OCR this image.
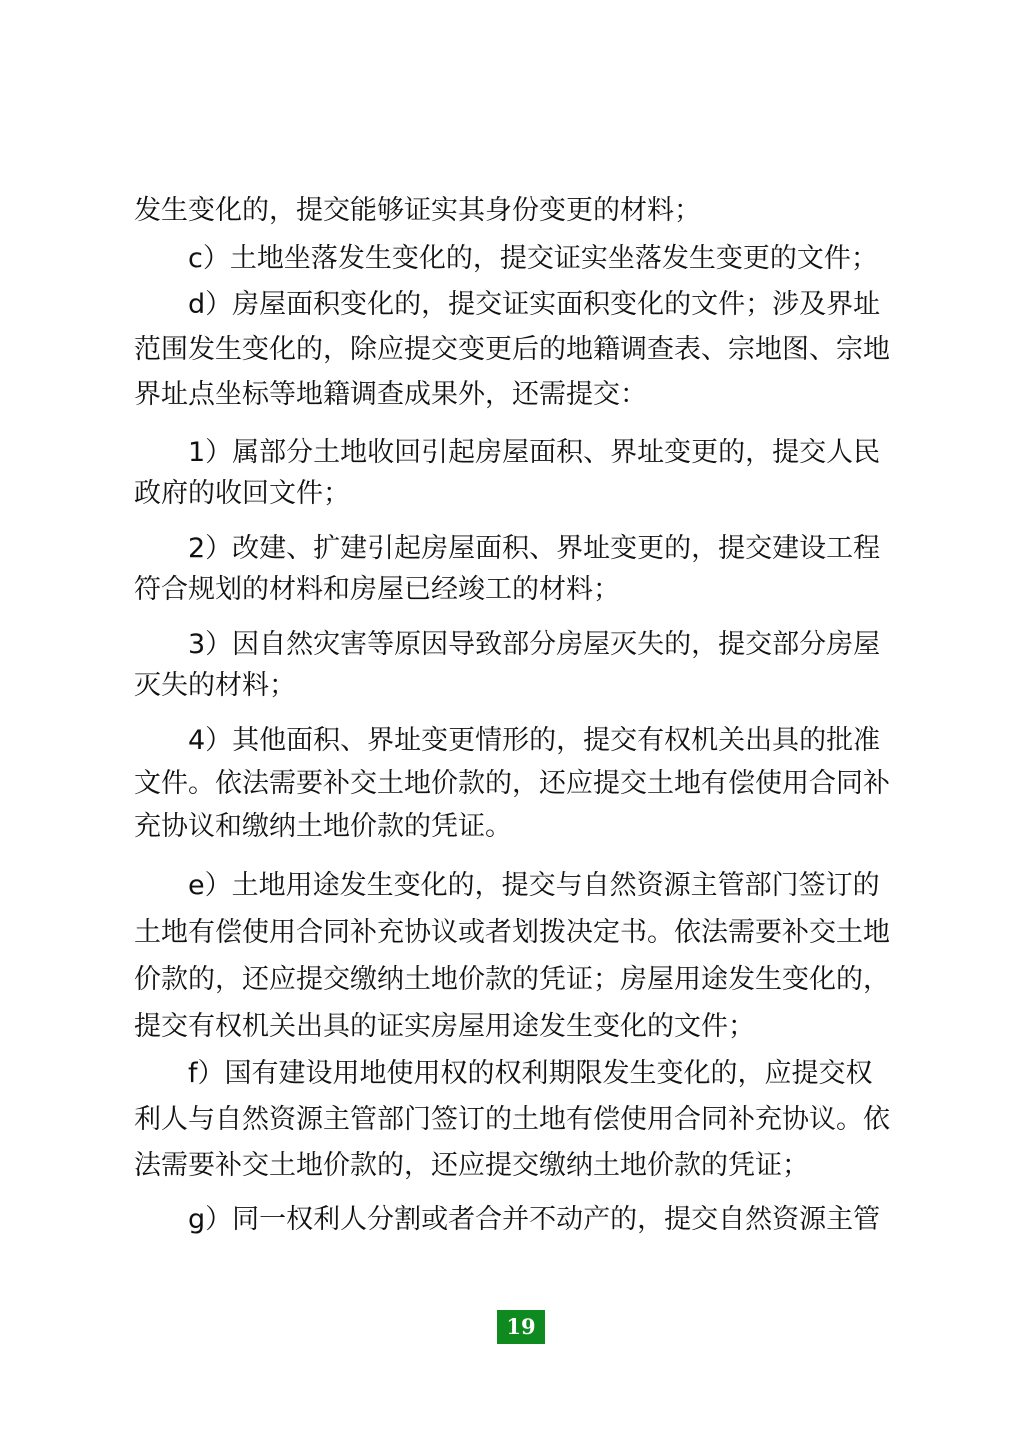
发生变化的，提交能够证实其身份变更的材料；
c）土地坐落发生变化的，提交证实坐落发生变更的文件；
d）房屋面积变化的，提交证实面积变化的文件；涉及界址
范围发生变化的，除应提交变更后的地籍调查表、宗地图、宗地
界址点坐标等地籍调查成果外，还需提交：
1）属部分土地收回引起房屋面积、界址变更的，提交人民
政府的收回文件；
2）改建、扩建引起房屋面积、界址变更的，提交建设工程
符合规划的材料和房屋已经竣工的材料；
3）因自然灾害等原因导致部分房屋灭失的，提交部分房屋
灭失的材料；
4）其他面积、界址变更情形的，提交有权机关出具的批准
文件。依法需要补交土地价款的，还应提交土地有偿使用合同补
充协议和缴纳土地价款的凭证。
e）土地用途发生变化的，提交与自然资源主管部门签订的
土地有偿使用合同补充协议或者划拨决定书。依法需要补交土地
价款的，还应提交缴纳土地价款的凭证；房屋用途发生变化的，
提交有权机关出具的证实房屋用途发生变化的文件；
f）国有建设用地使用权的权利期限发生变化的，应提交权
利人与自然资源主管部门签订的土地有偿使用合同补充协议。依
法需要补交土地价款的，还应提交缴纳土地价款的凭证；
g）同一权利人分割或者合并不动产的，提交自然资源主管
19
